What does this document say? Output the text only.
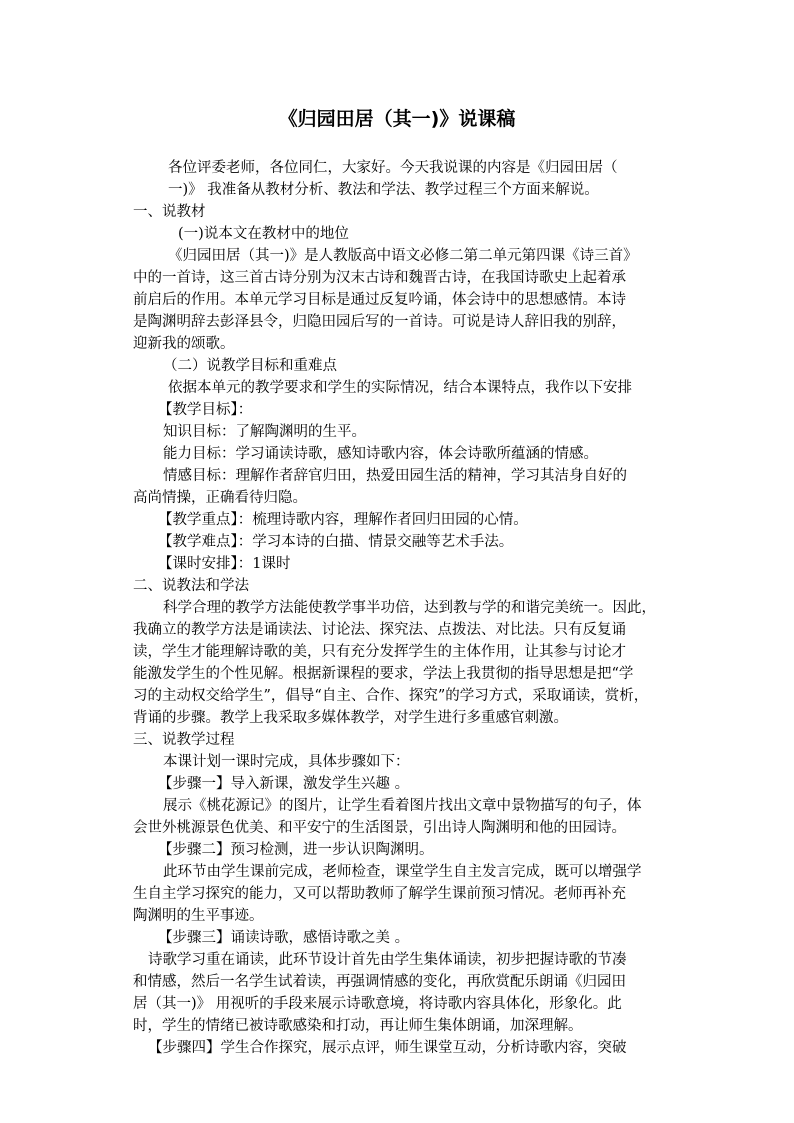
《归园田居（其一)》说课稿
各位评委老师，各位同仁，大家好。今天我说课的内容是《归园田居（
一)》 我准备从教材分析、教法和学法、教学过程三个方面来解说。
一、说教材
(一)说本文在教材中的地位
《归园田居（其一)》是人教版高中语文必修二第二单元第四课《诗三首》
中的一首诗，这三首古诗分别为汉末古诗和魏晋古诗，在我国诗歌史上起着承
前启后的作用。本单元学习目标是通过反复吟诵，体会诗中的思想感情。本诗
是陶渊明辞去彭泽县令，归隐田园后写的一首诗。可说是诗人辞旧我的别辞，
迎新我的颂歌。
（二）说教学目标和重难点
依据本单元的教学要求和学生的实际情况，结合本课特点，我作以下安排
【教学目标】：
知识目标：了解陶渊明的生平。
能力目标：学习诵读诗歌，感知诗歌内容，体会诗歌所蕴涵的情感。
情感目标：理解作者辞官归田，热爱田园生活的精神，学习其洁身自好的
高尚情操，正确看待归隐。
【教学重点】：梳理诗歌内容，理解作者回归田园的心情。
【教学难点】：学习本诗的白描、情景交融等艺术手法。
【课时安排】：1课时
二、说教法和学法
科学合理的教学方法能使教学事半功倍，达到教与学的和谐完美统一。因此，
我确立的教学方法是诵读法、讨论法、探究法、点拨法、对比法。只有反复诵
读，学生才能理解诗歌的美，只有充分发挥学生的主体作用，让其参与讨论才
能激发学生的个性见解。根据新课程的要求，学法上我贯彻的指导思想是把“学
习的主动权交给学生”，倡导“自主、合作、探究”的学习方式，采取诵读，赏析，
背诵的步骤。教学上我采取多媒体教学，对学生进行多重感官刺激。
三、说教学过程
本课计划一课时完成，具体步骤如下：
【步骤一】导入新课，激发学生兴趣 。
展示《桃花源记》的图片，让学生看着图片找出文章中景物描写的句子，体
会世外桃源景色优美、和平安宁的生活图景，引出诗人陶渊明和他的田园诗。
【步骤二】预习检测，进一步认识陶渊明。
此环节由学生课前完成，老师检查，课堂学生自主发言完成，既可以增强学
生自主学习探究的能力，又可以帮助教师了解学生课前预习情况。老师再补充
陶渊明的生平事迹。
【步骤三】诵读诗歌，感悟诗歌之美 。
诗歌学习重在诵读，此环节设计首先由学生集体诵读，初步把握诗歌的节凑
和情感，然后一名学生试着读，再强调情感的变化，再欣赏配乐朗诵《归园田
居（其一)》 用视听的手段来展示诗歌意境，将诗歌内容具体化，形象化。此
时，学生的情绪已被诗歌感染和打动，再让师生集体朗诵，加深理解。
【步骤四】学生合作探究，展示点评，师生课堂互动，分析诗歌内容，突破
